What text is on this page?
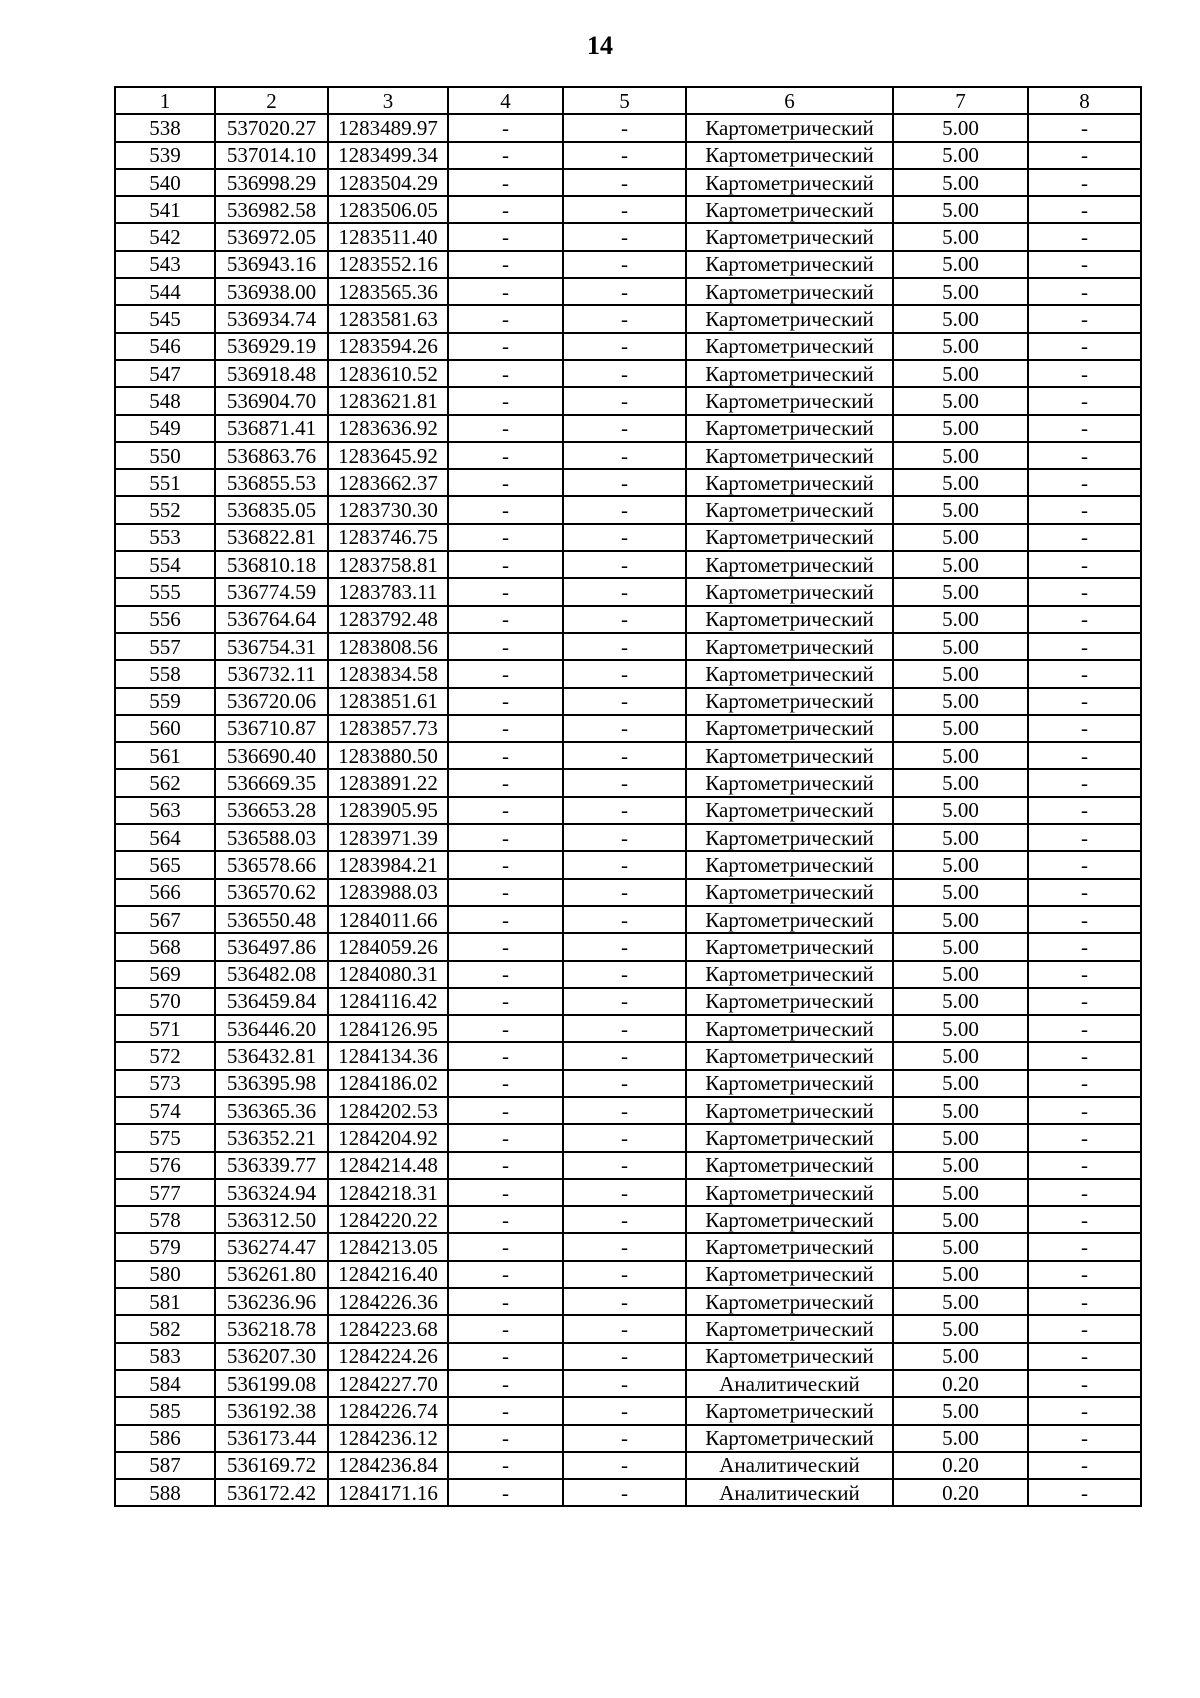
14
1	2	3	4	5	6	7	8
538	537020.27	1283489.97	-	-	Картометрический	5.00	-
539	537014.10	1283499.34	-	-	Картометрический	5.00	-
540	536998.29	1283504.29	-	-	Картометрический	5.00	-
541	536982.58	1283506.05	-	-	Картометрический	5.00	-
542	536972.05	1283511.40	-	-	Картометрический	5.00	-
543	536943.16	1283552.16	-	-	Картометрический	5.00	-
544	536938.00	1283565.36	-	-	Картометрический	5.00	-
545	536934.74	1283581.63	-	-	Картометрический	5.00	-
546	536929.19	1283594.26	-	-	Картометрический	5.00	-
547	536918.48	1283610.52	-	-	Картометрический	5.00	-
548	536904.70	1283621.81	-	-	Картометрический	5.00	-
549	536871.41	1283636.92	-	-	Картометрический	5.00	-
550	536863.76	1283645.92	-	-	Картометрический	5.00	-
551	536855.53	1283662.37	-	-	Картометрический	5.00	-
552	536835.05	1283730.30	-	-	Картометрический	5.00	-
553	536822.81	1283746.75	-	-	Картометрический	5.00	-
554	536810.18	1283758.81	-	-	Картометрический	5.00	-
555	536774.59	1283783.11	-	-	Картометрический	5.00	-
556	536764.64	1283792.48	-	-	Картометрический	5.00	-
557	536754.31	1283808.56	-	-	Картометрический	5.00	-
558	536732.11	1283834.58	-	-	Картометрический	5.00	-
559	536720.06	1283851.61	-	-	Картометрический	5.00	-
560	536710.87	1283857.73	-	-	Картометрический	5.00	-
561	536690.40	1283880.50	-	-	Картометрический	5.00	-
562	536669.35	1283891.22	-	-	Картометрический	5.00	-
563	536653.28	1283905.95	-	-	Картометрический	5.00	-
564	536588.03	1283971.39	-	-	Картометрический	5.00	-
565	536578.66	1283984.21	-	-	Картометрический	5.00	-
566	536570.62	1283988.03	-	-	Картометрический	5.00	-
567	536550.48	1284011.66	-	-	Картометрический	5.00	-
568	536497.86	1284059.26	-	-	Картометрический	5.00	-
569	536482.08	1284080.31	-	-	Картометрический	5.00	-
570	536459.84	1284116.42	-	-	Картометрический	5.00	-
571	536446.20	1284126.95	-	-	Картометрический	5.00	-
572	536432.81	1284134.36	-	-	Картометрический	5.00	-
573	536395.98	1284186.02	-	-	Картометрический	5.00	-
574	536365.36	1284202.53	-	-	Картометрический	5.00	-
575	536352.21	1284204.92	-	-	Картометрический	5.00	-
576	536339.77	1284214.48	-	-	Картометрический	5.00	-
577	536324.94	1284218.31	-	-	Картометрический	5.00	-
578	536312.50	1284220.22	-	-	Картометрический	5.00	-
579	536274.47	1284213.05	-	-	Картометрический	5.00	-
580	536261.80	1284216.40	-	-	Картометрический	5.00	-
581	536236.96	1284226.36	-	-	Картометрический	5.00	-
582	536218.78	1284223.68	-	-	Картометрический	5.00	-
583	536207.30	1284224.26	-	-	Картометрический	5.00	-
584	536199.08	1284227.70	-	-	Аналитический	0.20	-
585	536192.38	1284226.74	-	-	Картометрический	5.00	-
586	536173.44	1284236.12	-	-	Картометрический	5.00	-
587	536169.72	1284236.84	-	-	Аналитический	0.20	-
588	536172.42	1284171.16	-	-	Аналитический	0.20	-
